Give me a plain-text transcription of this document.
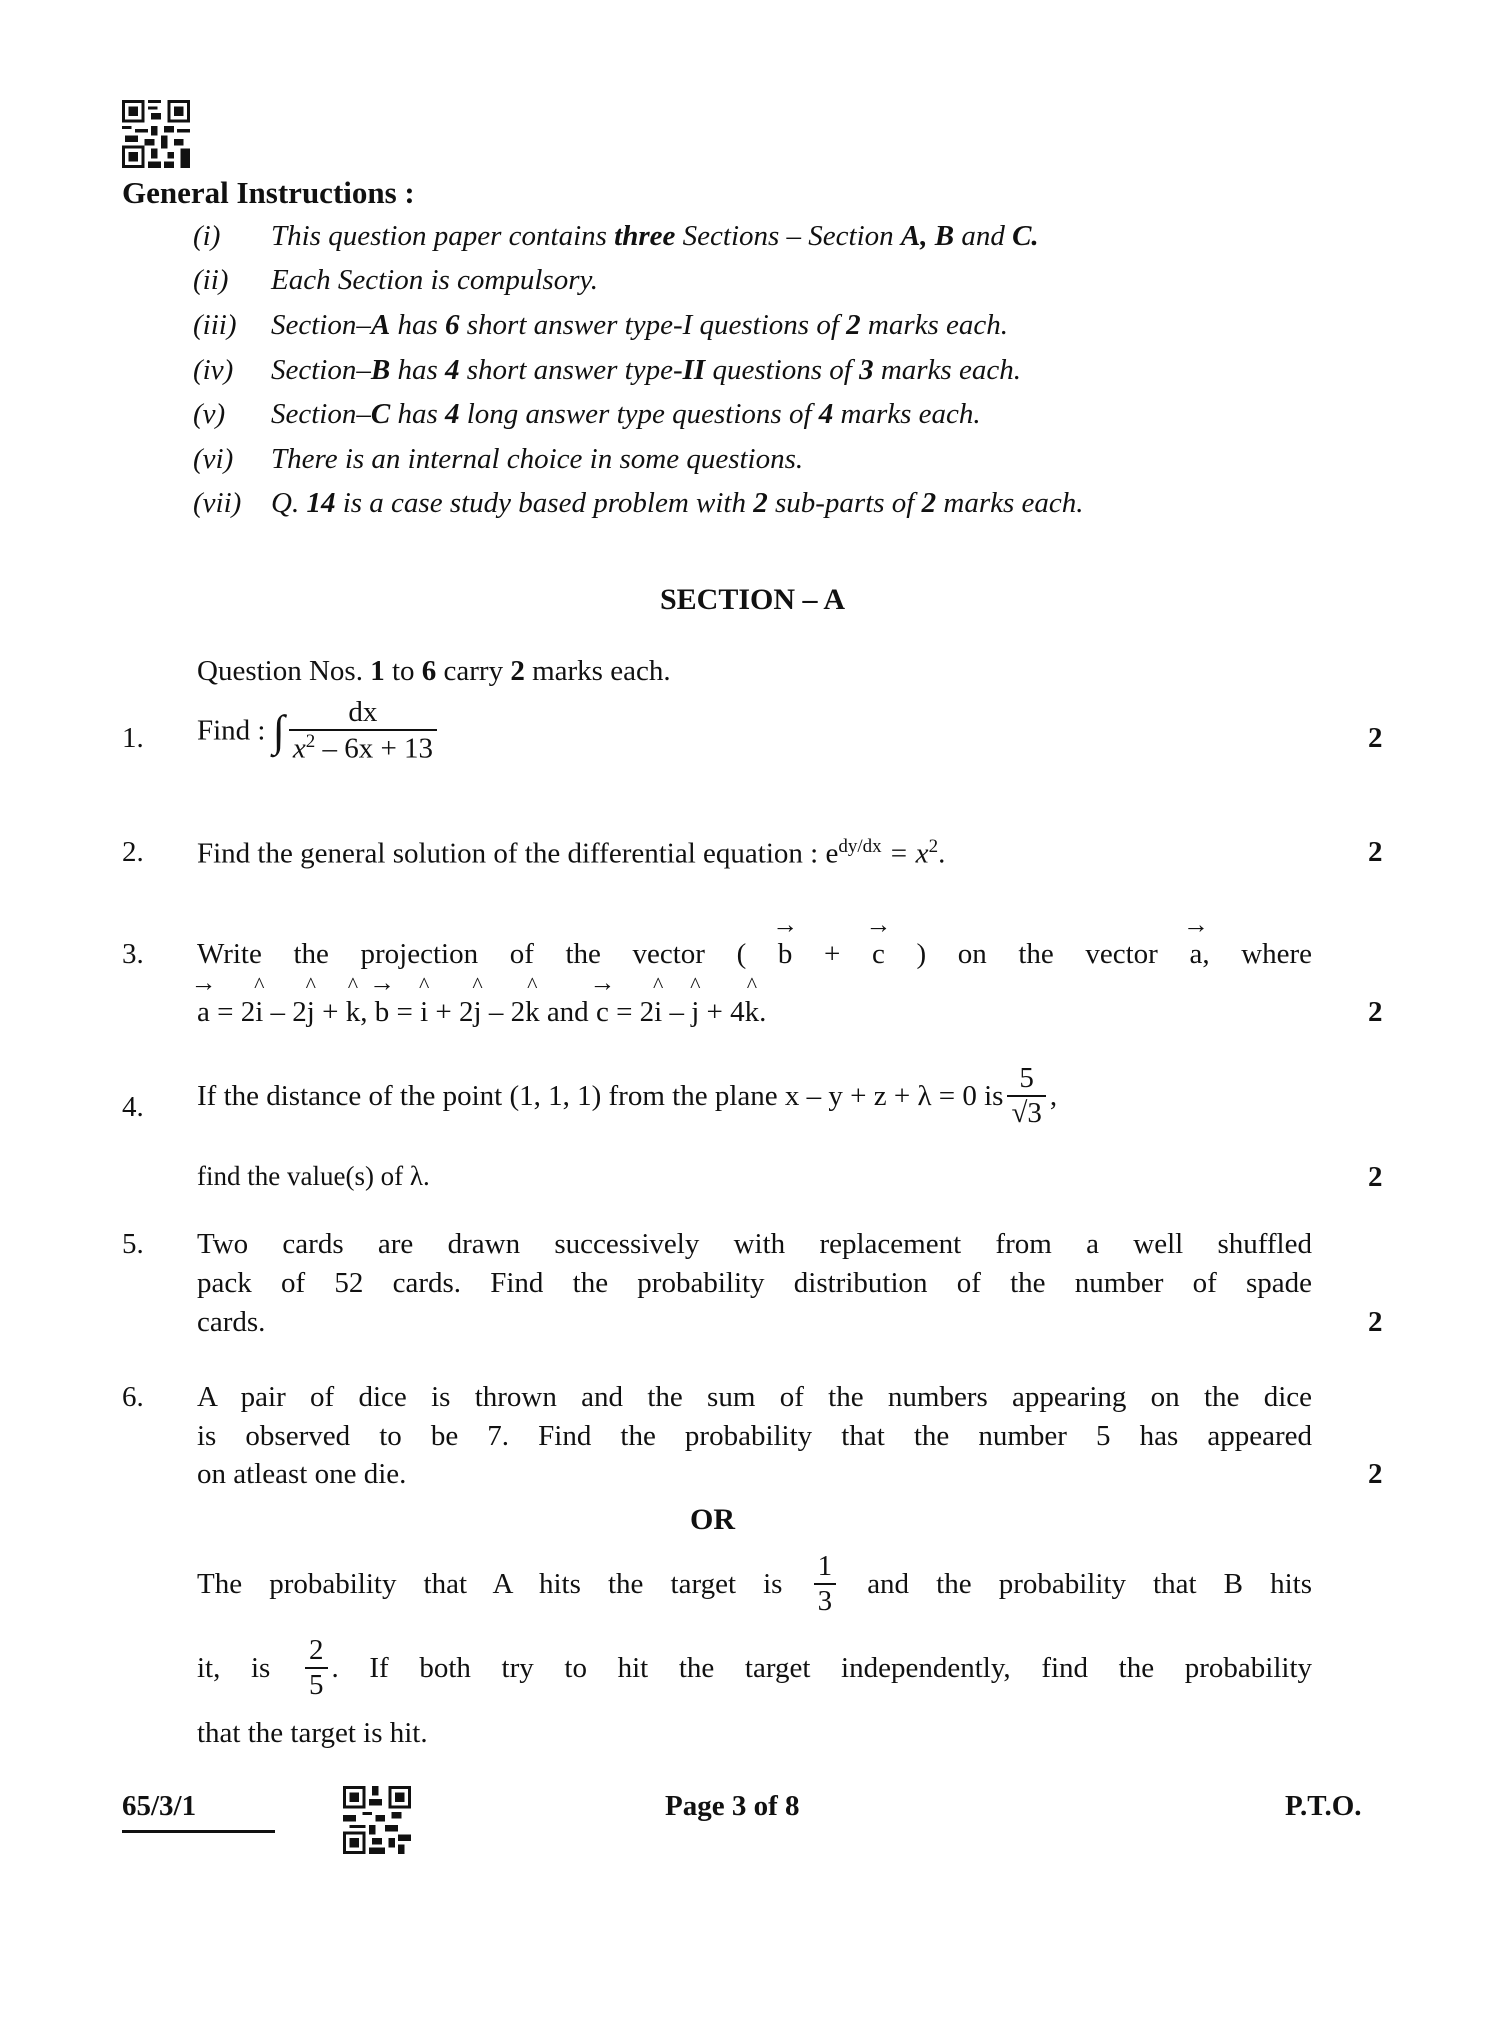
General Instructions :
(i) This question paper contains three Sections – Section A, B and C.
(ii) Each Section is compulsory.
(iii) Section–A has 6 short answer type-I questions of 2 marks each.
(iv) Section–B has 4 short answer type-II questions of 3 marks each.
(v) Section–C has 4 long answer type questions of 4 marks each.
(vi) There is an internal choice in some questions.
(vii) Q. 14 is a case study based problem with 2 sub-parts of 2 marks each.
SECTION – A
Question Nos. 1 to 6 carry 2 marks each.
1. Find : ∫ $\frac{dx}{x^2 - 6x + 13}$	2
2. Find the general solution of the differential equation : $e^{dy/dx} = x^2$.	2
3. Write the projection of the vector ( → b + → c ) on the vector → a, where
→ a = 2^ i – 2^ j + ^ k, → b = ^ i + 2^ j – 2^ k and → c = 2^ i – ^ j + 4^ k.	2
4. If the distance of the point (1, 1, 1) from the plane x – y + z + λ = 0 is $\frac{5}{√3}$ ,
find the value(s) of λ.	2
5. Two cards are drawn successively with replacement from a well shuffled
pack of 52 cards. Find the probability distribution of the number of spade
cards.	2
6. A pair of dice is thrown and the sum of the numbers appearing on the dice
is observed to be 7. Find the probability that the number 5 has appeared
on atleast one die.	2
OR
The probability that A hits the target is $\frac{1}{3}$ and the probability that B hits
it, is $\frac{2}{5}$ . If both try to hit the target independently, find the probability
that the target is hit.
65/3/1	Page 3 of 8	P.T.O.
